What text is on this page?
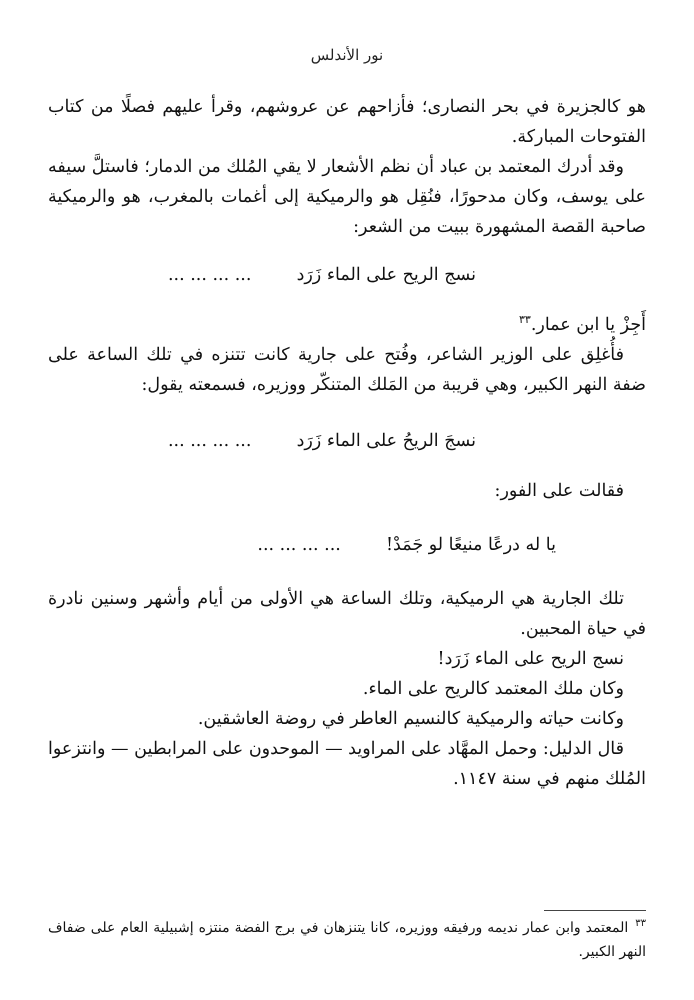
نور الأندلس

هو كالجزيرة في بحر النصارى؛ فأزاحهم عن عروشهم، وقرأ عليهم فصلًا من كتاب الفتوحات المباركة.

وقد أدرك المعتمد بن عباد أن نظم الأشعار لا يقي المُلك من الدمار؛ فاستلَّ سيفه على يوسف، وكان مدحورًا، فنُقِل هو والرميكية إلى أغمات بالمغرب، هو والرميكية صاحبة القصة المشهورة ببيت من الشعر:

نسج الريح على الماء زَرَد  ... ... ... ...

أَجِزْ يا ابن عمار.$^{٣٣}$

فأُغلِق على الوزير الشاعر، وفُتح على جارية كانت تتنزه في تلك الساعة على ضفة النهر الكبير، وهي قريبة من المَلك المتنكّر ووزيره، فسمعته يقول:

نسجَ الريحُ على الماء زَرَد  ... ... ... ...

فقالت على الفور:

يا له درعًا منيعًا لو جَمَدْ!  ... ... ... ...

تلك الجارية هي الرميكية، وتلك الساعة هي الأولى من أيام وأشهر وسنين نادرة في حياة المحبين.

نسج الريح على الماء زَرَد!

وكان ملك المعتمد كالريح على الماء.

وكانت حياته والرميكية كالنسيم العاطر في روضة العاشقين.

قال الدليل: وحمل المهَّاد على المراويد — الموحدون على المرابطين — وانتزعوا المُلك منهم في سنة ١١٤٧.

$^{٣٣}$ المعتمد وابن عمار نديمه ورفيقه ووزيره، كانا يتنزهان في برج الفضة منتزه إشبيلية العام على ضفاف النهر الكبير.
